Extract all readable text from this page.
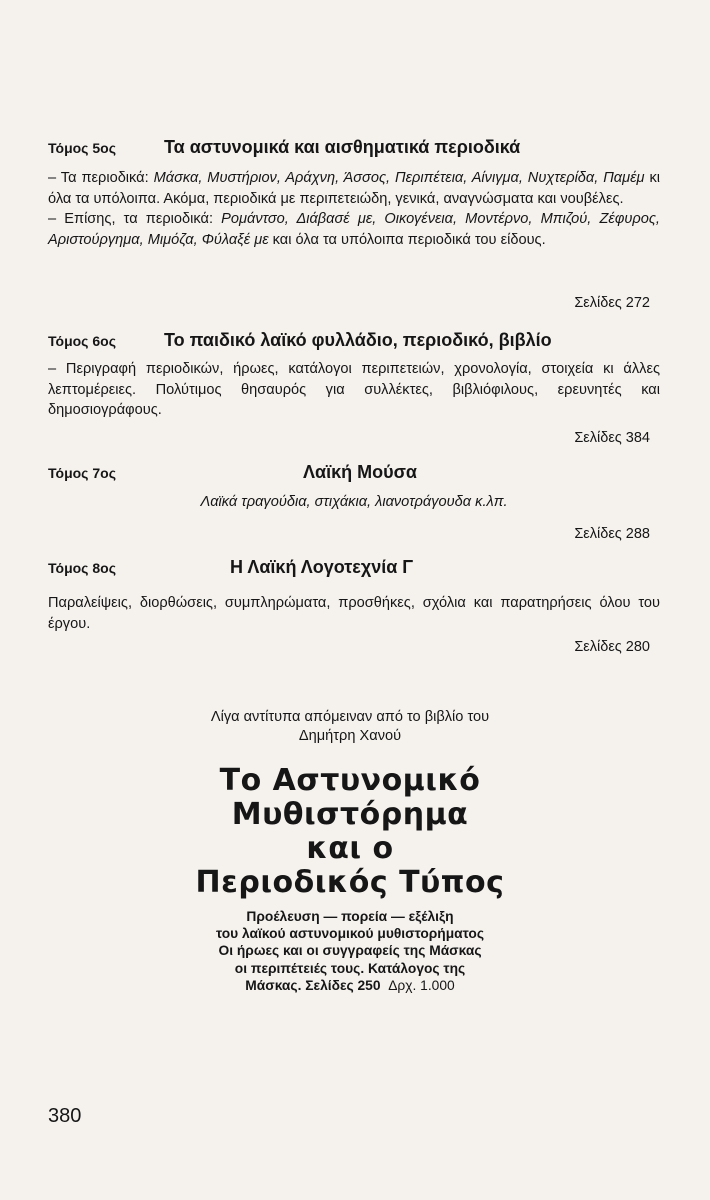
Τόμος 5ος	Τα αστυνομικά και αισθηματικά περιοδικά

– Τα περιοδικά: Μάσκα, Μυστήριον, Αράχνη, Άσσος, Περιπέτεια, Αίνιγμα, Νυχτερίδα, Παμέμ κι όλα τα υπόλοιπα. Ακόμα, περιοδικά με περιπετειώδη, γενικά, αναγνώσματα και νουβέλες.

– Επίσης, τα περιοδικά: Ρομάντσο, Διάβασέ με, Οικογένεια, Μοντέρνο, Μπιζού, Ζέφυρος, Αριστούργημα, Μιμόζα, Φύλαξέ με και όλα τα υπόλοιπα περιοδικά του είδους.

Σελίδες 272
Τόμος 6ος	Το παιδικό λαϊκό φυλλάδιο, περιοδικό, βιβλίο
– Περιγραφή περιοδικών, ήρωες, κατάλογοι περιπετειών, χρονολογία, στοιχεία κι άλλες λεπτομέρειες. Πολύτιμος θησαυρός για συλλέκτες, βιβλιόφιλους, ερευνητές και δημοσιογράφους.
Σελίδες 384
Τόμος 7ος	Λαϊκή Μούσα
Λαϊκά τραγούδια, στιχάκια, λιανοτράγουδα κ.λπ.
Σελίδες 288
Τόμος 8ος	Η Λαϊκή Λογοτεχνία Γ
Παραλείψεις, διορθώσεις, συμπληρώματα, προσθήκες, σχόλια και παρατηρήσεις όλου του έργου.
Σελίδες 280
Λίγα αντίτυπα απόμειναν από το βιβλίο του
Δημήτρη Χανού
Το Αστυνομικό
Μυθιστόρημα
και ο
Περιοδικός Τύπος
Προέλευση — πορεία — εξέλιξη
του λαϊκού αστυνομικού μυθιστορήματος
Οι ήρωες και οι συγγραφείς της Μάσκας
οι περιπέτειές τους. Κατάλογος της
Μάσκας. Σελίδες 250 Δρχ. 1.000
380
